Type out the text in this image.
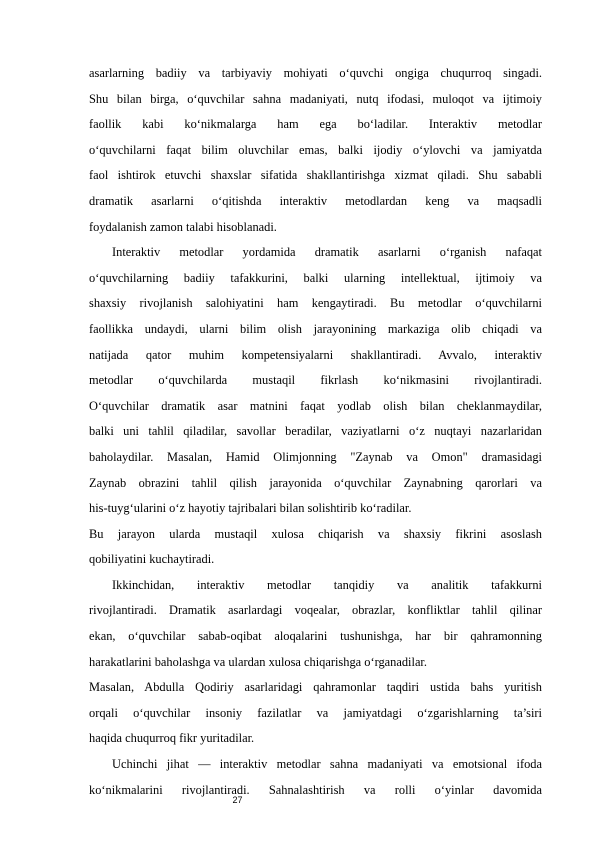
asarlarning badiiy va tarbiyaviy mohiyati o‘quvchi ongiga chuqurroq singadi.
Shu bilan birga, o‘quvchilar sahna madaniyati, nutq ifodasi, muloqot va ijtimoiy
faollik kabi ko‘nikmalarga ham ega bo‘ladilar. Interaktiv metodlar
o‘quvchilarni faqat bilim oluvchilar emas, balki ijodiy o‘ylovchi va jamiyatda
faol ishtirok etuvchi shaxslar sifatida shakllantirishga xizmat qiladi. Shu sababli
dramatik asarlarni o‘qitishda interaktiv metodlardan keng va maqsadli
foydalanish zamon talabi hisoblanadi.
Interaktiv metodlar yordamida dramatik asarlarni o‘rganish nafaqat
o‘quvchilarning badiiy tafakkurini, balki ularning intellektual, ijtimoiy va
shaxsiy rivojlanish salohiyatini ham kengaytiradi. Bu metodlar o‘quvchilarni
faollikka undaydi, ularni bilim olish jarayonining markaziga olib chiqadi va
natijada qator muhim kompetensiyalarni shakllantiradi. Avvalo, interaktiv
metodlar o‘quvchilarda mustaqil fikrlash ko‘nikmasini rivojlantiradi.
O‘quvchilar dramatik asar matnini faqat yodlab olish bilan cheklanmaydilar,
balki uni tahlil qiladilar, savollar beradilar, vaziyatlarni o‘z nuqtayi nazarlaridan
baholaydilar. Masalan, Hamid Olimjonning "Zaynab va Omon" dramasidagi
Zaynab obrazini tahlil qilish jarayonida o‘quvchilar Zaynabning qarorlari va
his-tuyg‘ularini o‘z hayotiy tajribalari bilan solishtirib ko‘radilar.
Bu jarayon ularda mustaqil xulosa chiqarish va shaxsiy fikrini asoslash
qobiliyatini kuchaytiradi.
Ikkinchidan, interaktiv metodlar tanqidiy va analitik tafakkurni
rivojlantiradi. Dramatik asarlardagi voqealar, obrazlar, konfliktlar tahlil qilinar
ekan, o‘quvchilar sabab-oqibat aloqalarini tushunishga, har bir qahramonning
harakatlarini baholashga va ulardan xulosa chiqarishga o‘rganadilar.
Masalan, Abdulla Qodiriy asarlaridagi qahramonlar taqdiri ustida bahs yuritish
orqali o‘quvchilar insoniy fazilatlar va jamiyatdagi o‘zgarishlarning ta’siri
haqida chuqurroq fikr yuritadilar.
Uchinchi jihat — interaktiv metodlar sahna madaniyati va emotsional ifoda
ko‘nikmalarini rivojlantiradi. Sahnalashtirish va rolli o‘yinlar davomida
27
